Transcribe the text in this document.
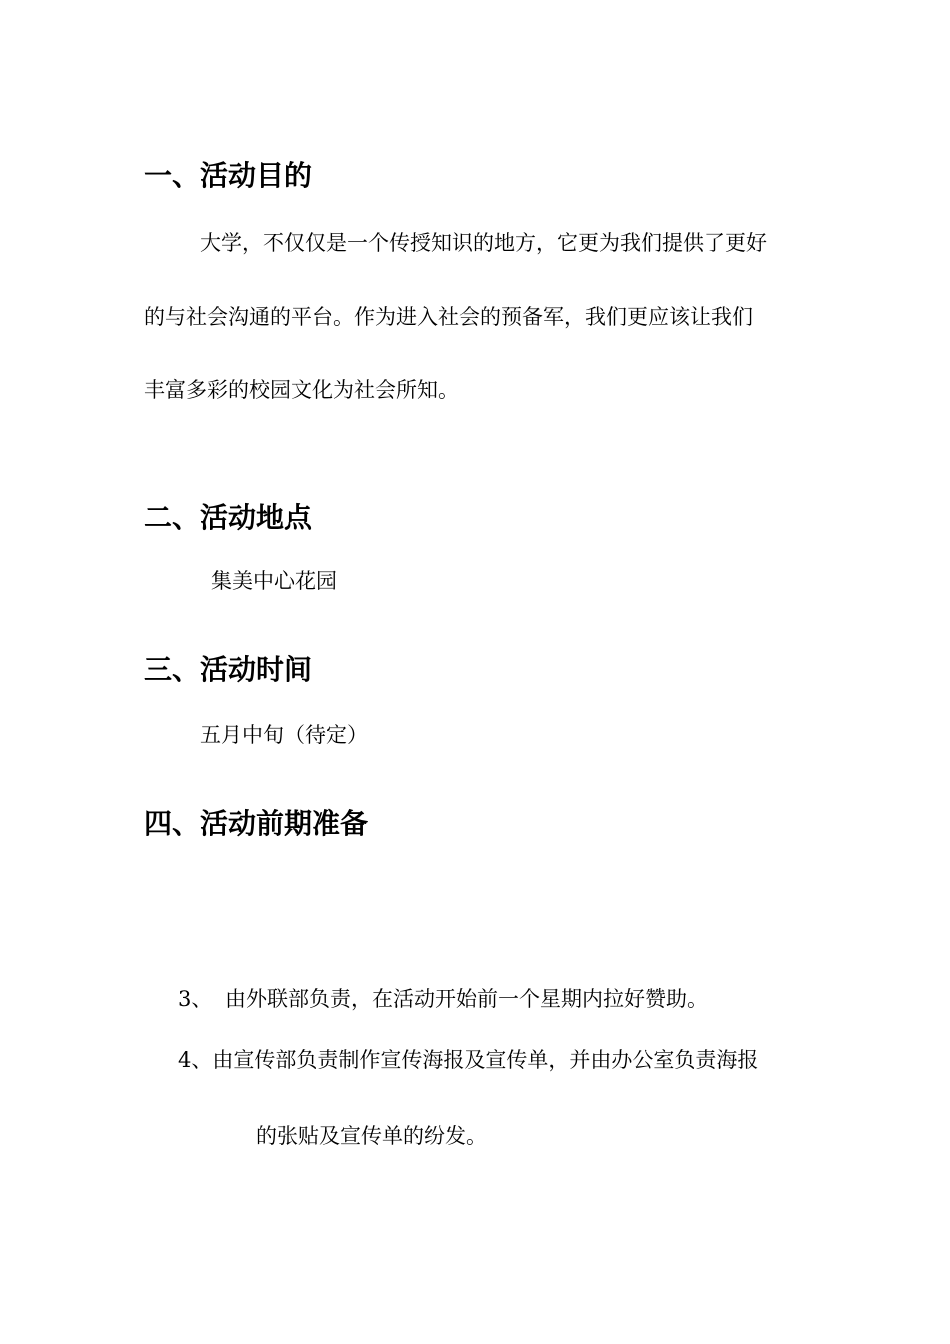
一、活动目的

大学，不仅仅是一个传授知识的地方，它更为我们提供了更好

的与社会沟通的平台。作为进入社会的预备军，我们更应该让我们

丰富多彩的校园文化为社会所知。

二、活动地点

集美中心花园

三、活动时间

五月中旬（待定）

四、活动前期准备
3、 由外联部负责，在活动开始前一个星期内拉好赞助。

4、由宣传部负责制作宣传海报及宣传单，并由办公室负责海报

的张贴及宣传单的纷发。
